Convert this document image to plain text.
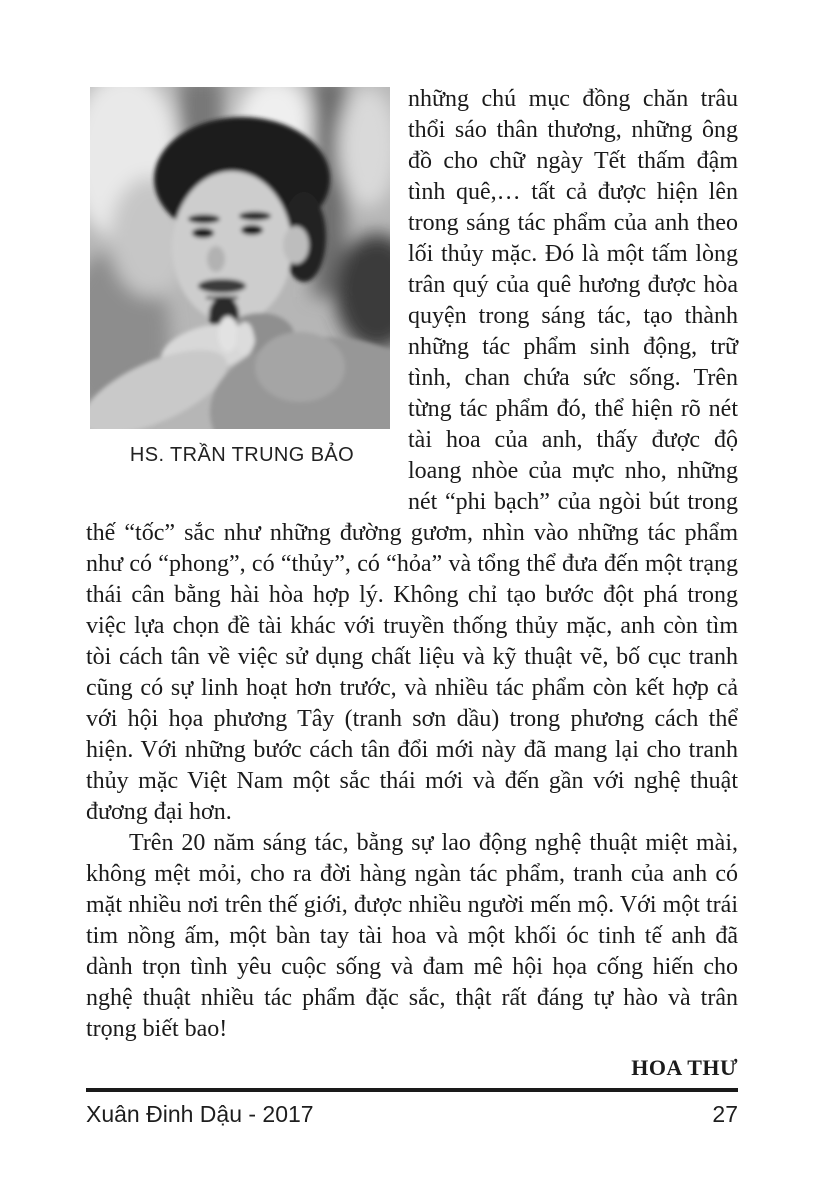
HS. TRẦN TRUNG BẢO

những chú mục đồng chăn trâu thổi sáo thân thương, những ông đồ cho chữ ngày Tết thấm đậm tình quê,… tất cả được hiện lên trong sáng tác phẩm của anh theo lối thủy mặc. Đó là một tấm lòng trân quý của quê hương được hòa quyện trong sáng tác, tạo thành những tác phẩm sinh động, trữ tình, chan chứa sức sống. Trên từng tác phẩm đó, thể hiện rõ nét tài hoa của anh, thấy được độ loang nhòe của mực nho, những nét “phi bạch” của ngòi bút trong thế “tốc” sắc như những đường gươm, nhìn vào những tác phẩm như có “phong”, có “thủy”, có “hỏa” và tổng thể đưa đến một trạng thái cân bằng hài hòa hợp lý. Không chỉ tạo bước đột phá trong việc lựa chọn đề tài khác với truyền thống thủy mặc, anh còn tìm tòi cách tân về việc sử dụng chất liệu và kỹ thuật vẽ, bố cục tranh cũng có sự linh hoạt hơn trước, và nhiều tác phẩm còn kết hợp cả với hội họa phương Tây (tranh sơn dầu) trong phương cách thể hiện. Với những bước cách tân đổi mới này đã mang lại cho tranh thủy mặc Việt Nam một sắc thái mới và đến gần với nghệ thuật đương đại hơn.

Trên 20 năm sáng tác, bằng sự lao động nghệ thuật miệt mài, không mệt mỏi, cho ra đời hàng ngàn tác phẩm, tranh của anh có mặt nhiều nơi trên thế giới, được nhiều người mến mộ. Với một trái tim nồng ấm, một bàn tay tài hoa và một khối óc tinh tế anh đã dành trọn tình yêu cuộc sống và đam mê hội họa cống hiến cho nghệ thuật nhiều tác phẩm đặc sắc, thật rất đáng tự hào và trân trọng biết bao!

HOA THƯ

Xuân Đinh Dậu - 2017	27
